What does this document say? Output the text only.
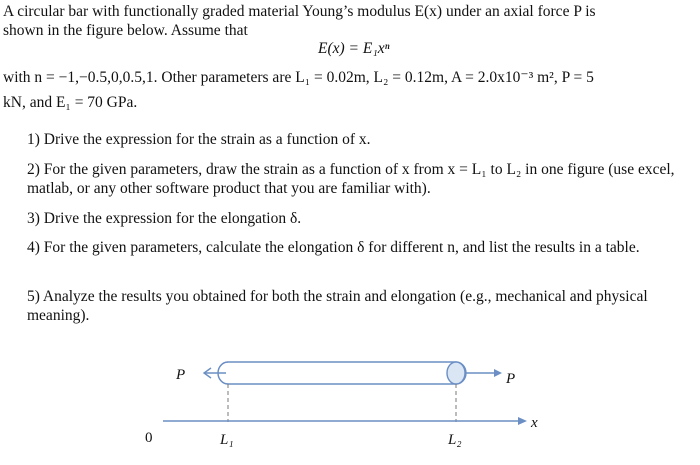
A circular bar with functionally graded material Young’s modulus E(x) under an axial force P is
shown in the figure below. Assume that
E(x) = E₁xⁿ
with n = −1,−0.5,0,0.5,1. Other parameters are L₁ = 0.02m, L₂ = 0.12m, A = 2.0x10⁻³ m², P = 5
kN, and E₁ = 70 GPa.
1) Drive the expression for the strain as a function of x.
2) For the given parameters, draw the strain as a function of x from x = L₁ to L₂ in one figure (use excel, matlab, or any other software product that you are familiar with).
3) Drive the expression for the elongation δ.
4) For the given parameters, calculate the elongation δ for different n, and list the results in a table.
5) Analyze the results you obtained for both the strain and elongation (e.g., mechanical and physical meaning).
P	P
x
0	L₁	L₂
